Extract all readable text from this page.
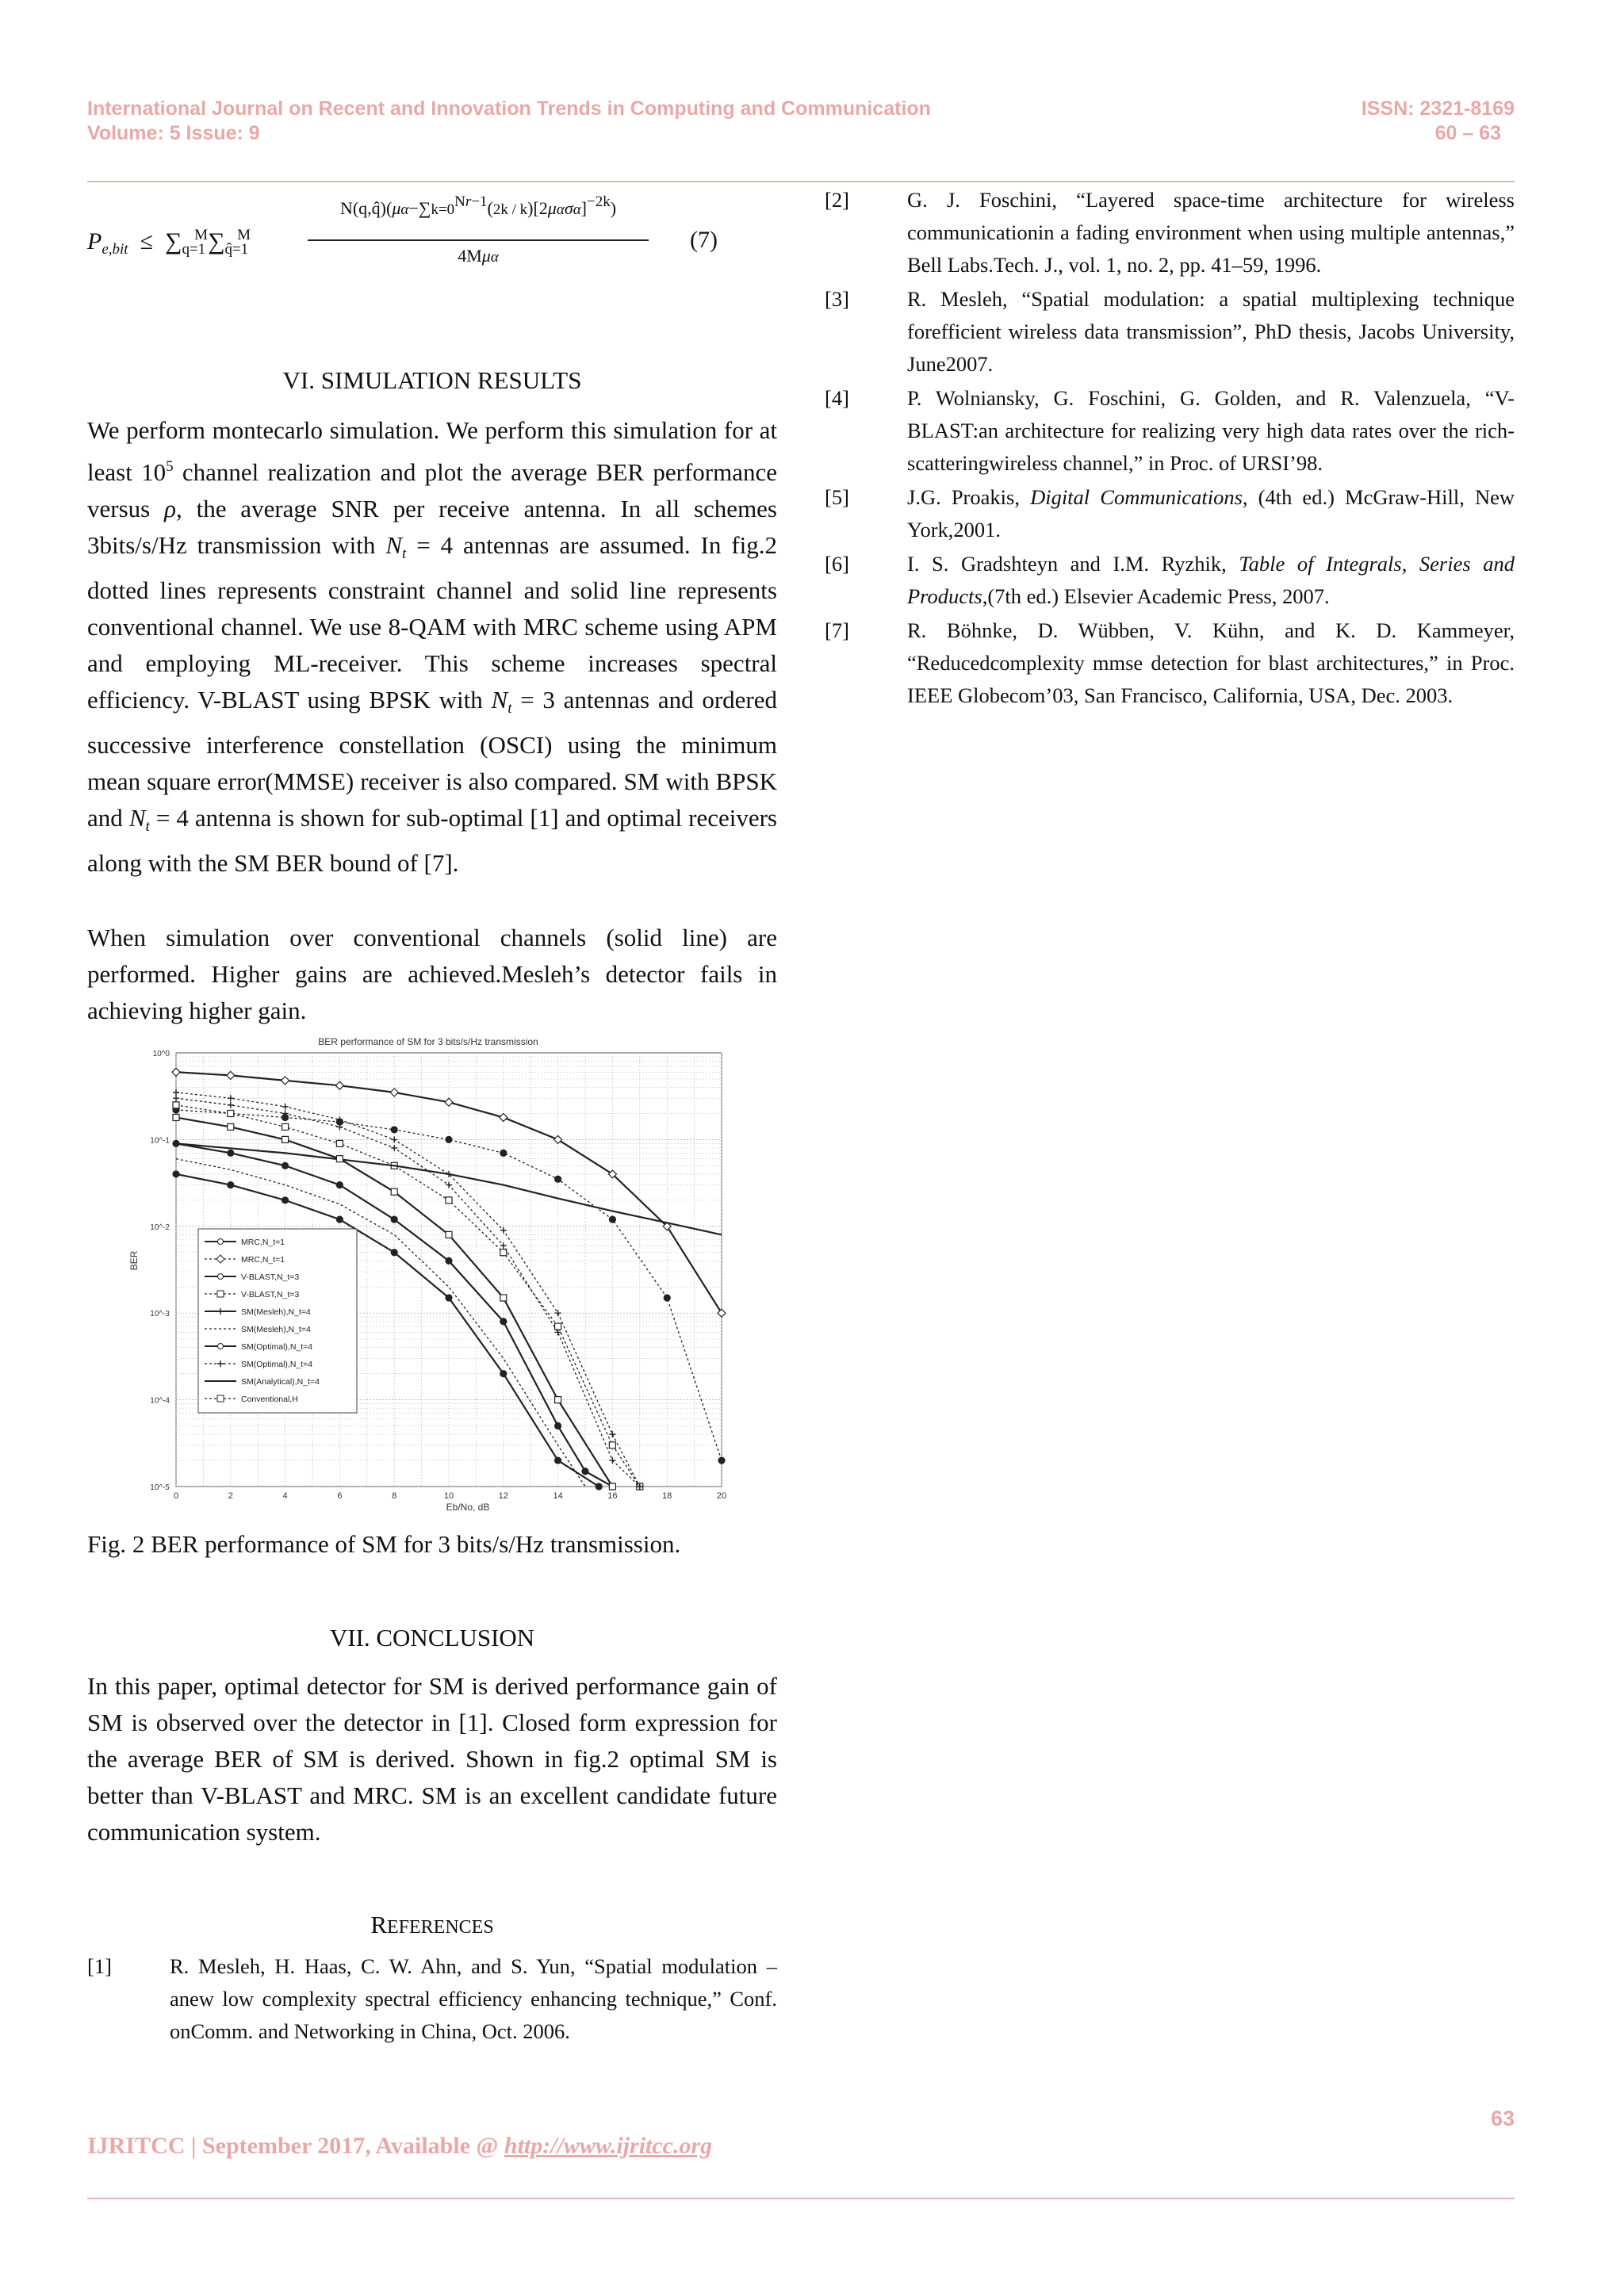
International Journal on Recent and Innovation Trends in Computing and Communication
Volume: 5 Issue: 9
ISSN: 2321-8169
60 – 63
$P_{e,bit} \le \sum_{q=1}^M\sum_{q̂=1}^M$
N(q,q̂)(μα−∑k=0Nr−1(2k / k)[2μασα]−2k)
4Mμα
(7)
VI. SIMULATION RESULTS
We perform montecarlo simulation. We perform this simulation for at least $10^5$ channel realization and plot the average BER performance versus ρ, the average SNR per receive antenna. In all schemes 3bits/s/Hz transmission with $N_t = 4$ antennas are assumed. In fig.2 dotted lines represents constraint channel and solid line represents conventional channel. We use 8-QAM with MRC scheme using APM and employing ML-receiver. This scheme increases spectral efficiency. V-BLAST using BPSK with $N_t = 3$ antennas and ordered successive interference constellation (OSCI) using the minimum mean square error(MMSE) receiver is also compared. SM with BPSK and $N_t = 4$ antenna is shown for sub-optimal [1] and optimal receivers along with the SM BER bound of [7].
When simulation over conventional channels (solid line) are performed. Higher gains are achieved.Mesleh’s detector fails in achieving higher gain.
BER performance of SM for 3 bits/s/Hz transmission
0	2	4	6	8	10	12	14	16	18	20
10^0
10^-1
10^-2
10^-3
10^-4
10^-5
Eb/No, dB
BER
MRC,N_t=1
MRC,N_t=1
V-BLAST,N_t=3
V-BLAST,N_t=3
SM(Mesleh),N_t=4
SM(Mesleh),N_t=4
SM(Optimal),N_t=4
SM(Optimal),N_t=4
SM(Analytical),N_t=4
Conventional,H
Fig. 2 BER performance of SM for 3 bits/s/Hz transmission.
VII. CONCLUSION
In this paper, optimal detector for SM is derived performance gain of SM is observed over the detector in [1]. Closed form expression for the average BER of SM is derived. Shown in fig.2 optimal SM is better than V-BLAST and MRC. SM is an excellent candidate future communication system.
REFERENCES
[1]	R. Mesleh, H. Haas, C. W. Ahn, and S. Yun, “Spatial modulation – anew low complexity spectral efficiency enhancing technique,” Conf. onComm. and Networking in China, Oct. 2006.
[2]	G. J. Foschini, “Layered space-time architecture for wireless communicationin a fading environment when using multiple antennas,” Bell Labs.Tech. J., vol. 1, no. 2, pp. 41–59, 1996.
[3]	R. Mesleh, “Spatial modulation: a spatial multiplexing technique forefficient wireless data transmission”, PhD thesis, Jacobs University, June2007.
[4]	P. Wolniansky, G. Foschini, G. Golden, and R. Valenzuela, “V-BLAST:an architecture for realizing very high data rates over the rich-scatteringwireless channel,” in Proc. of URSI’98.
[5]	J.G. Proakis, Digital Communications, (4th ed.) McGraw-Hill, New York,2001.
[6]	I. S. Gradshteyn and I.M. Ryzhik, Table of Integrals, Series and Products,(7th ed.) Elsevier Academic Press, 2007.
[7]	R. Böhnke, D. Wübben, V. Kühn, and K. D. Kammeyer, “Reducedcomplexity mmse detection for blast architectures,” in Proc. IEEE Globecom’03, San Francisco, California, USA, Dec. 2003.
63
IJRITCC | September 2017, Available @ http://www.ijritcc.org
